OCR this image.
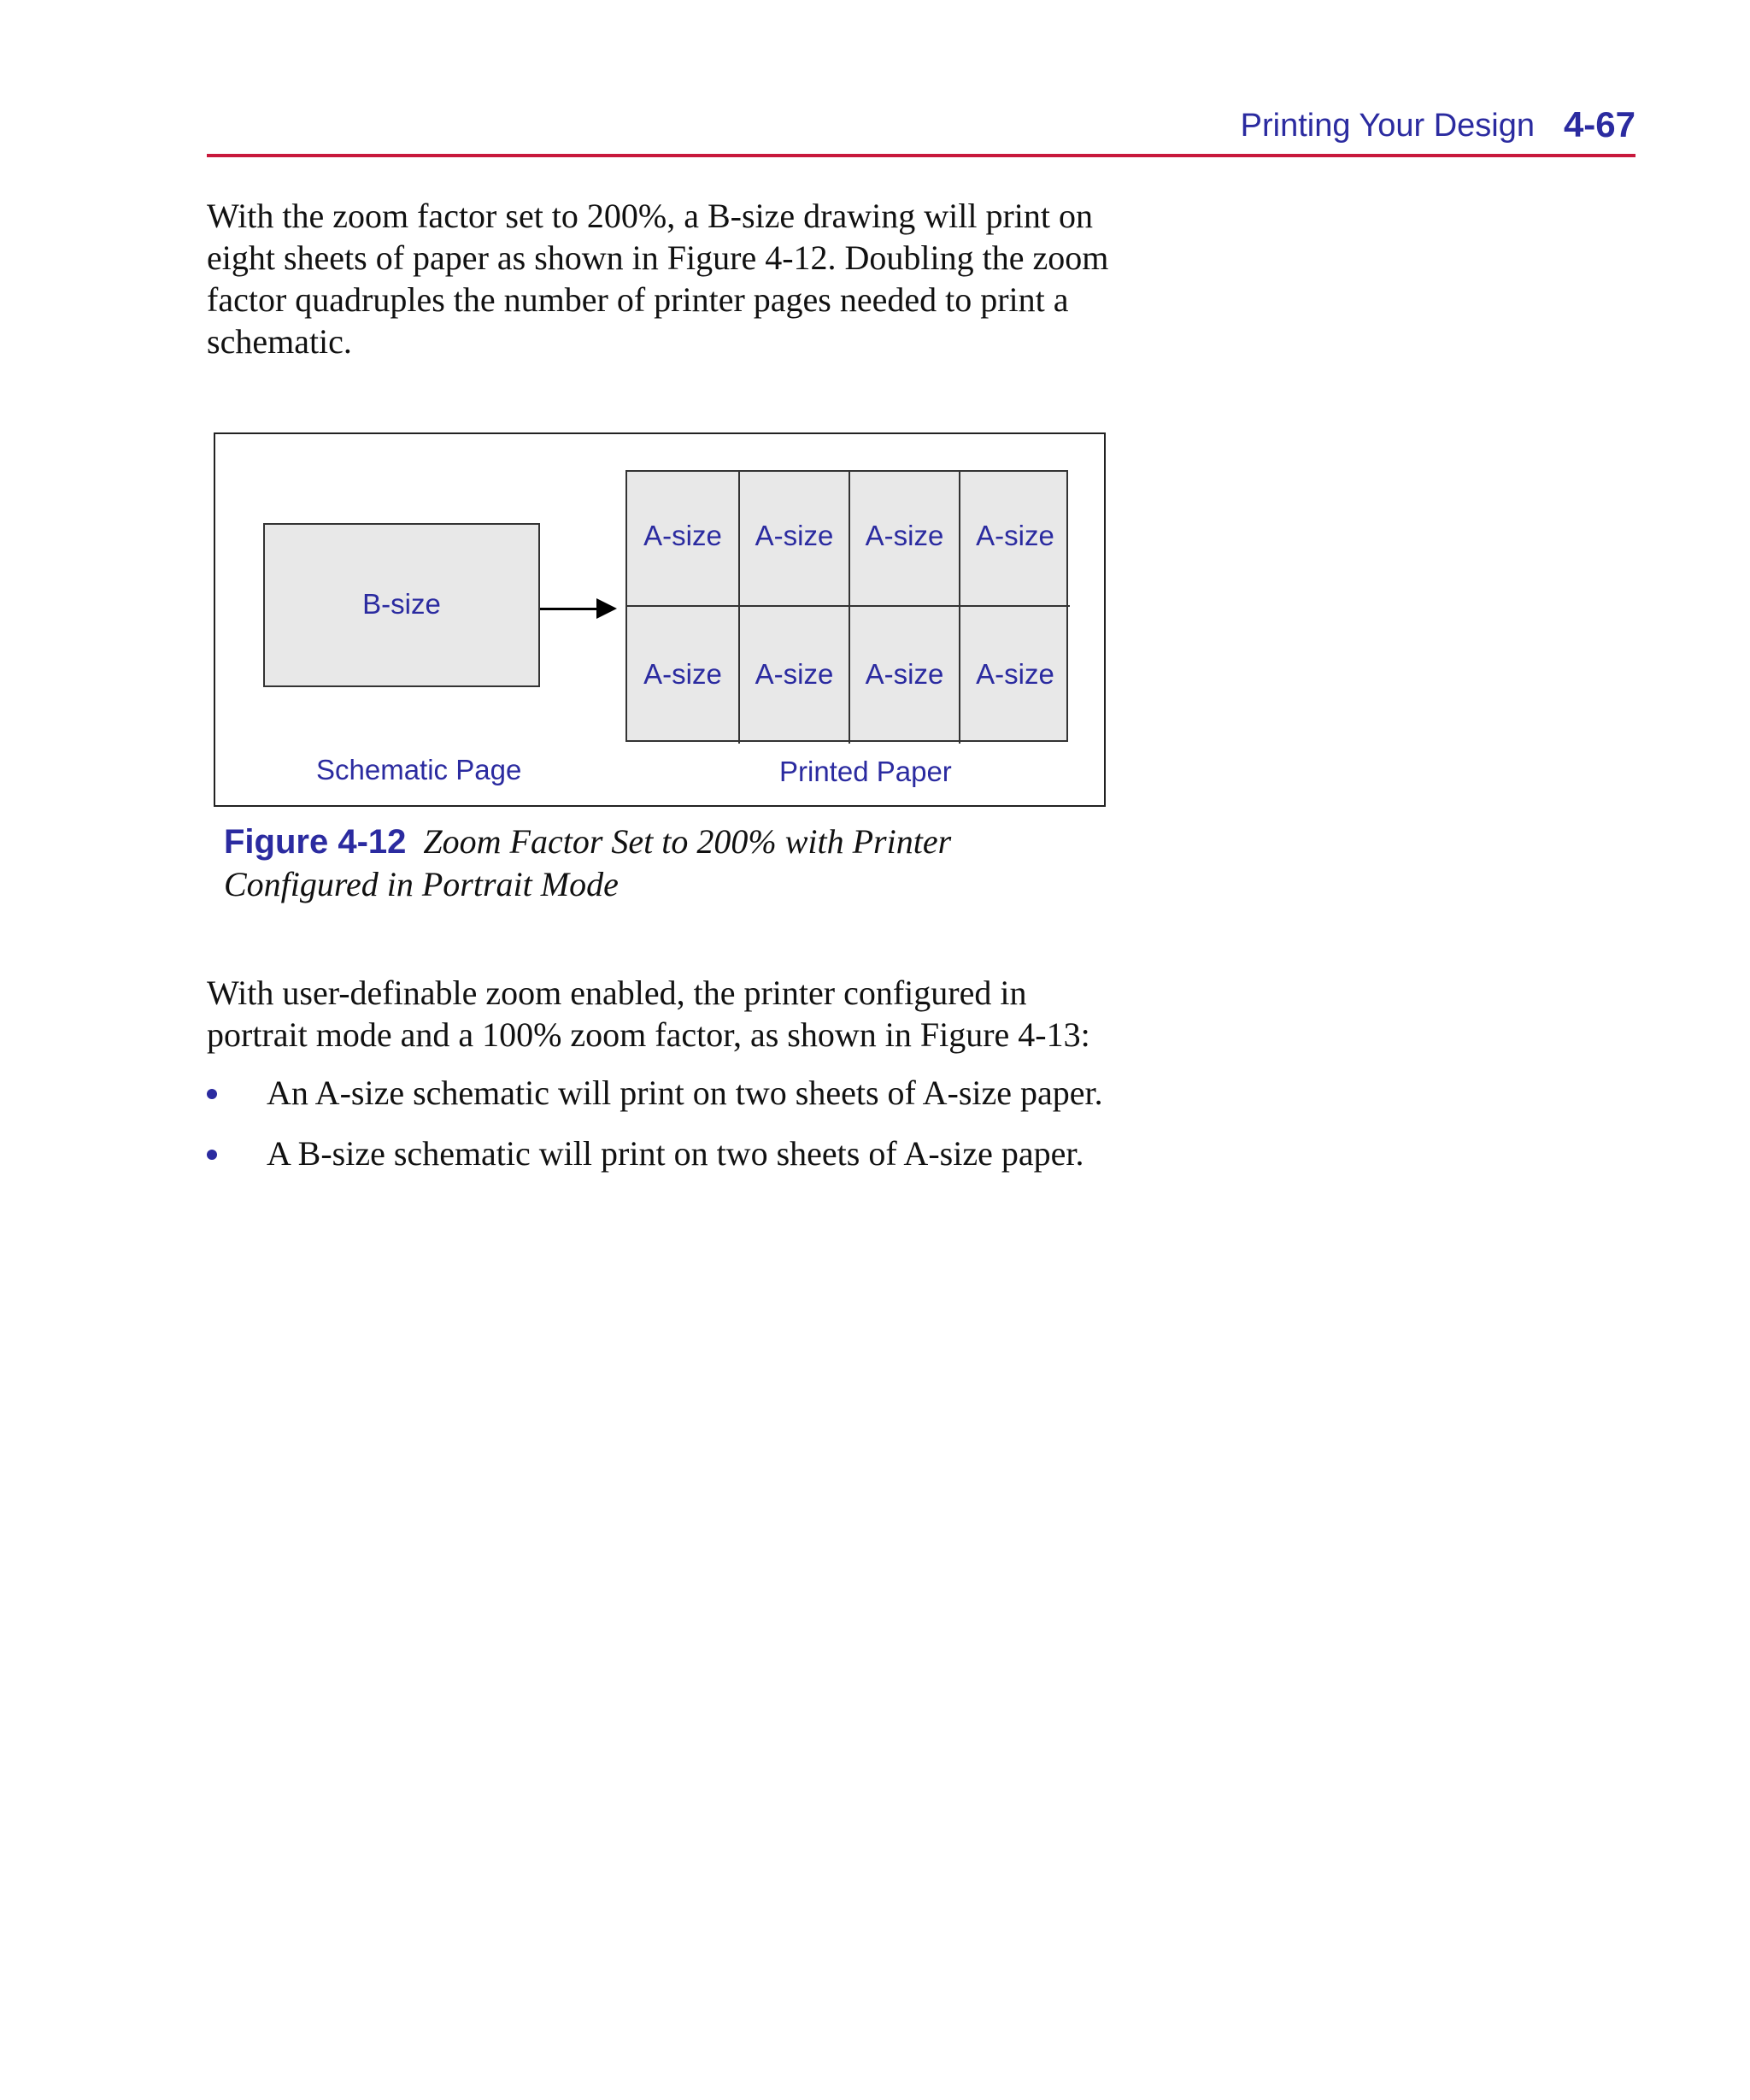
Printing Your Design 4-67

With the zoom factor set to 200%, a B-size drawing will print on eight sheets of paper as shown in Figure 4-12. Doubling the zoom factor quadruples the number of printer pages needed to print a schematic.

B-size
A-size	A-size	A-size	A-size
A-size	A-size	A-size	A-size
Schematic Page	Printed Paper
Figure 4-12 Zoom Factor Set to 200% with Printer Configured in Portrait Mode

With user-definable zoom enabled, the printer configured in portrait mode and a 100% zoom factor, as shown in Figure 4-13:

An A-size schematic will print on two sheets of A-size paper.
A B-size schematic will print on two sheets of A-size paper.
